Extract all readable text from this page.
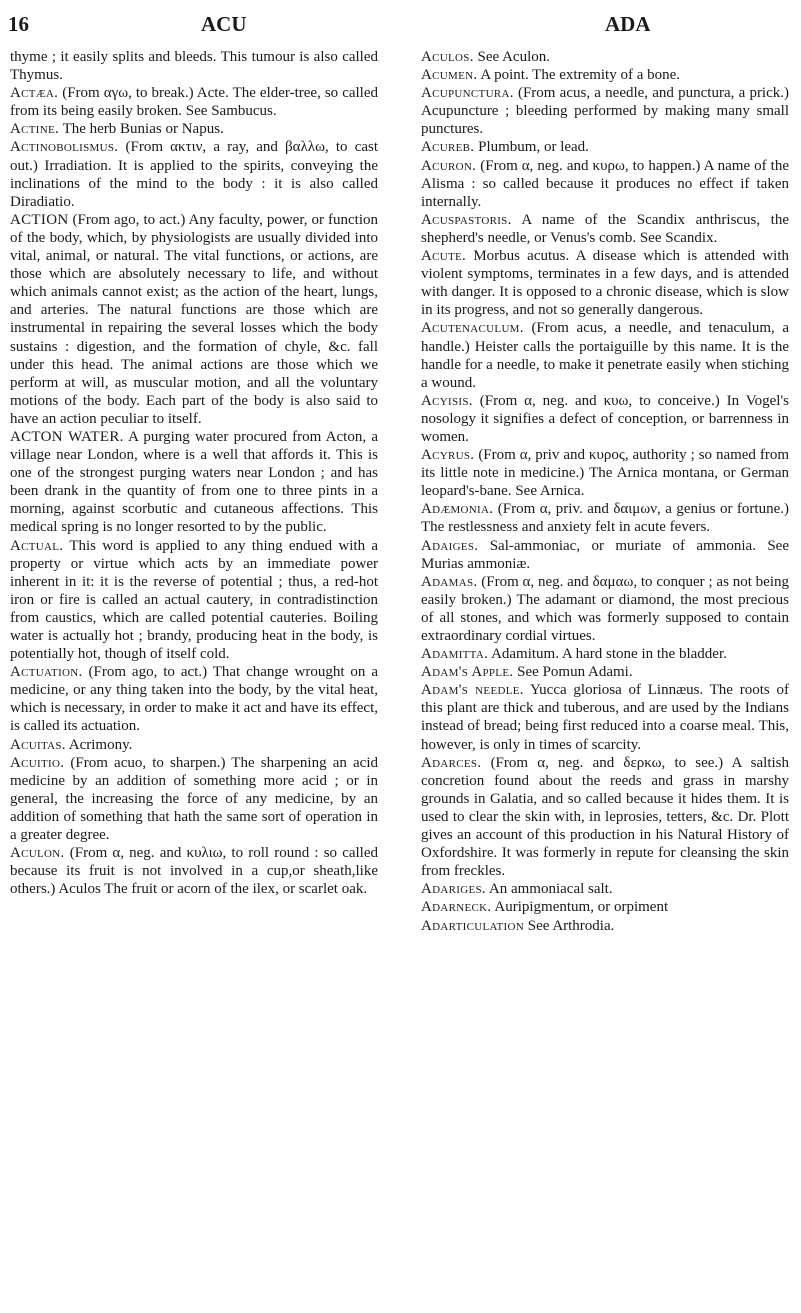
16	ACU	ADA

thyme ; it easily splits and bleeds. This tumour is also called Thymus.

Actæa. (From αγω, to break.) Acte. The elder-tree, so called from its being easily broken. See Sambucus.

Actine. The herb Bunias or Napus.

Actinobolismus. (From ακτιν, a ray, and βαλλω, to cast out.) Irradiation. It is applied to the spirits, conveying the inclinations of the mind to the body : it is also called Diradiatio.

ACTION (From ago, to act.) Any faculty, power, or function of the body, which, by physiologists are usually divided into vital, animal, or natural. The vital functions, or actions, are those which are absolutely necessary to life, and without which animals cannot exist; as the action of the heart, lungs, and arteries. The natural functions are those which are instrumental in repairing the several losses which the body sustains : digestion, and the formation of chyle, &c. fall under this head. The animal actions are those which we perform at will, as muscular motion, and all the voluntary motions of the body. Each part of the body is also said to have an action peculiar to itself.

ACTON WATER. A purging water procured from Acton, a village near London, where is a well that affords it. This is one of the strongest purging waters near London ; and has been drank in the quantity of from one to three pints in a morning, against scorbutic and cutaneous affections. This medical spring is no longer resorted to by the public.

Actual. This word is applied to any thing endued with a property or virtue which acts by an immediate power inherent in it: it is the reverse of potential ; thus, a red-hot iron or fire is called an actual cautery, in contradistinction from caustics, which are called potential cauteries. Boiling water is actually hot ; brandy, producing heat in the body, is potentially hot, though of itself cold.

Actuation. (From ago, to act.) That change wrought on a medicine, or any thing taken into the body, by the vital heat, which is necessary, in order to make it act and have its effect, is called its actuation.

Acuitas. Acrimony.

Acuitio. (From acuo, to sharpen.) The sharpening an acid medicine by an addition of something more acid ; or in general, the increasing the force of any medicine, by an addition of something that hath the same sort of operation in a greater degree.

Aculon. (From α, neg. and κυλιω, to roll round : so called because its fruit is not involved in a cup,or sheath,like others.) Aculos The fruit or acorn of the ilex, or scarlet oak.

Aculos. See Aculon.

Acumen. A point. The extremity of a bone.

Acupunctura. (From acus, a needle, and punctura, a prick.) Acupuncture ; bleeding performed by making many small punctures.

Acureb. Plumbum, or lead.

Acuron. (From α, neg. and κυρω, to happen.) A name of the Alisma : so called because it produces no effect if taken internally.

Acuspastoris. A name of the Scandix anthriscus, the shepherd's needle, or Venus's comb. See Scandix.

Acute. Morbus acutus. A disease which is attended with violent symptoms, terminates in a few days, and is attended with danger. It is opposed to a chronic disease, which is slow in its progress, and not so generally dangerous.

Acutenaculum. (From acus, a needle, and tenaculum, a handle.) Heister calls the portaiguille by this name. It is the handle for a needle, to make it penetrate easily when stiching a wound.

Acyisis. (From α, neg. and κυω, to conceive.) In Vogel's nosology it signifies a defect of conception, or barrenness in women.

Acyrus. (From α, priv and κυρος, authority ; so named from its little note in medicine.) The Arnica montana, or German leopard's-bane. See Arnica.

Adæmonia. (From α, priv. and δαιμων, a genius or fortune.) The restlessness and anxiety felt in acute fevers.

Adaiges. Sal-ammoniac, or muriate of ammonia. See Murias ammoniæ.

Adamas. (From α, neg. and δαμαω, to conquer ; as not being easily broken.) The adamant or diamond, the most precious of all stones, and which was formerly supposed to contain extraordinary cordial virtues.

Adamitta. Adamitum. A hard stone in the bladder.

Adam's Apple. See Pomun Adami.

Adam's needle. Yucca gloriosa of Linnæus. The roots of this plant are thick and tuberous, and are used by the Indians instead of bread; being first reduced into a coarse meal. This, however, is only in times of scarcity.

Adarces. (From α, neg. and δερκω, to see.) A saltish concretion found about the reeds and grass in marshy grounds in Galatia, and so called because it hides them. It is used to clear the skin with, in leprosies, tetters, &c. Dr. Plott gives an account of this production in his Natural History of Oxfordshire. It was formerly in repute for cleansing the skin from freckles.

Adariges. An ammoniacal salt.

Adarneck. Auripigmentum, or orpiment

Adarticulation See Arthrodia.
